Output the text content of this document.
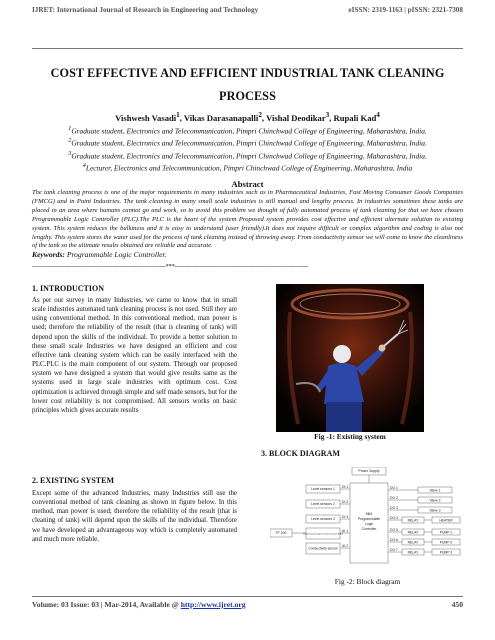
IJRET: International Journal of Research in Engineering and Technology	eISSN: 2319-1163 | pISSN: 2321-7308
COST EFFECTIVE AND EFFICIENT INDUSTRIAL TANK CLEANING
PROCESS
Vishwesh Vasadi$^1$, Vikas Darasanapalli$^2$, Vishal Deodikar$^3$, Rupali Kad$^4$
$^1$Graduate student, Electronics and Telecommunication, Pimpri Chinchwad College of Engineering, Maharashtra, India.
$^2$Graduate student, Electronics and Telecommunication, Pimpri Chinchwad College of Engineering, Maharashtra, India.
$^3$Graduate student, Electronics and Telecommunication, Pimpri Chinchwad College of Engineering, Maharashtra, India.
$^4$Lecturer, Electronics and Telecommunication, Pimpri Chinchwad College of Engineering, Maharashtra, India
Abstract
The tank cleaning process is one of the major requirements in many industries such as in Pharmaceutical Industries, Fast Moving Consumer Goods Companies (FMCG) and in Paint Industries. The tank cleaning in many small scale industries is still manual and lengthy process. In industries sometimes these tanks are placed in an area where humans cannot go and work, so to avoid this problem we thought of fully automated process of tank cleaning for that we have chosen Programmable Logic Controller (PLC).The PLC is the heart of the system Proposed system provides cost effective and efficient alternate solution to existing system. This system reduces the bulkiness and it is easy to understand (user friendly).It does not require difficult or complex algorithm and coding is also not lengthy. This system stores the water used for the process of tank cleaning instead of throwing away. From conductivity sensor we will come to know the cleanliness of the tank so the ultimate results obtained are reliable and accurate.
Keywords: Programmable Logic Controller.
--------------------------------------------------------------------***--------------------------------------------------------------------
1. INTRODUCTION
As per our survey in many Industries, we came to know that in small scale industries automated tank cleaning process is not used. Still they are using conventional method. In this conventional method, man power is used; therefore the reliability of the result (that is cleaning of tank) will depend upon the skills of the individual. To provide a better solution to these small scale Industries we have designed an efficient and cost effective tank cleaning system which can be easily interfaced with the PLC.PLC is the main component of our system. Through our proposed system we have designed a system that would give results same as the systems used in large scale industries with optimum cost. Cost optimization is achieved through simple and self made sensors, but for the lower cost reliability is not compromised. All sensors works on basic principles which gives accurate results
2. EXISTING SYSTEM
Except some of the advanced Industries, many Industries still use the conventional method of tank cleaning as shown in figure below. In this method, man power is used; therefore the reliability of the result (that is cleaning of tank) will depend upon the skills of the individual. Therefore we have developed an advantageous way which is completely automated and much more reliable.
Fig -1: Existing system
3. BLOCK DIAGRAM
Power Supply
M64
Programmable
Logic
Controller
Level sensors 1
Level sensors 2
Level sensors 3
Proportional Integral and Derivative (PID)
Conductivity sensor
PT 100
DI 1
DI 2
DI 3
AI 1
AI 2
DO 1
DO 2
DO 3
DO 4
DO 5
DO 6
DO 7
Valve 1
Valve 2
Valve 3
RELAY
RELAY
RELAY
RELAY
HEATER
PUMP 1
PUMP 2
PUMP 3
Fig -2: Block diagram
Volume: 03 Issue: 03 | Mar-2014, Available @ http://www.ijret.org	450
